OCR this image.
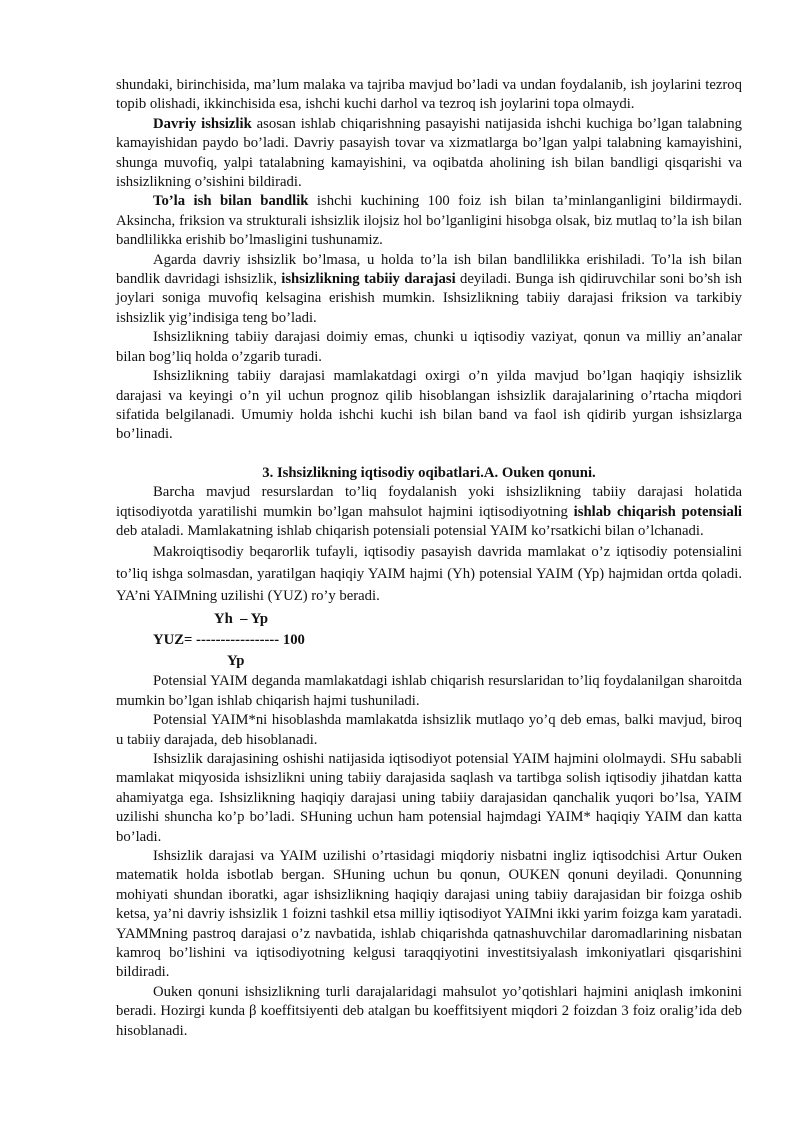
shundaki, birinchisida, ma’lum malaka va tajriba mavjud bo’ladi va undan foydalanib, ish joylarini tezroq topib olishadi, ikkinchisida esa, ishchi kuchi darhol va tezroq ish joylarini topa olmaydi.

Davriy ishsizlik asosan ishlab chiqarishning pasayishi natijasida ishchi kuchiga bo’lgan talabning kamayishidan paydo bo’ladi. Davriy pasayish tovar va xizmatlarga bo’lgan yalpi talabning kamayishini, shunga muvofiq, yalpi tatalabning kamayishini, va oqibatda aholining ish bilan bandligi qisqarishi va ishsizlikning o’sishini bildiradi.

To’la ish bilan bandlik ishchi kuchining 100 foiz ish bilan ta’minlanganligini bildirmaydi. Aksincha, friksion va strukturali ishsizlik ilojsiz hol bo’lganligini hisobga olsak, biz mutlaq to’la ish bilan bandlilikka erishib bo’lmasligini tushunamiz.

Agarda davriy ishsizlik bo’lmasa, u holda to’la ish bilan bandlilikka erishiladi. To’la ish bilan bandlik davridagi ishsizlik, ishsizlikning tabiiy darajasi deyiladi. Bunga ish qidiruvchilar soni bo’sh ish joylari soniga muvofiq kelsagina erishish mumkin. Ishsizlikning tabiiy darajasi friksion va tarkibiy ishsizlik yig’indisiga teng bo’ladi.

Ishsizlikning tabiiy darajasi doimiy emas, chunki u iqtisodiy vaziyat, qonun va milliy an’analar bilan bog’liq holda o’zgarib turadi.

Ishsizlikning tabiiy darajasi mamlakatdagi oxirgi o’n yilda mavjud bo’lgan haqiqiy ishsizlik darajasi va keyingi o’n yil uchun prognoz qilib hisoblangan ishsizlik darajalarining o’rtacha miqdori sifatida belgilanadi. Umumiy holda ishchi kuchi ish bilan band va faol ish qidirib yurgan ishsizlarga bo’linadi.

3. Ishsizlikning iqtisodiy oqibatlari.A. Ouken qonuni.

Barcha mavjud resurslardan to’liq foydalanish yoki ishsizlikning tabiiy darajasi holatida iqtisodiyotda yaratilishi mumkin bo’lgan mahsulot hajmini iqtisodiyotning ishlab chiqarish potensiali deb ataladi. Mamlakatning ishlab chiqarish potensiali potensial YAIM ko’rsatkichi bilan o’lchanadi.

Makroiqtisodiy beqarorlik tufayli, iqtisodiy pasayish davrida mamlakat o’z iqtisodiy potensialini to’liq ishga solmasdan, yaratilgan haqiqiy YAIM hajmi (Yh) potensial YAIM (Yp) hajmidan ortda qoladi. YA’ni YAIMning uzilishi (YUZ) ro’y beradi.

Yh  – Yp
YUZ= ----------------- 100
Yp

Potensial YAIM deganda mamlakatdagi ishlab chiqarish resurslaridan to’liq foydalanilgan sharoitda mumkin bo’lgan ishlab chiqarish hajmi tushuniladi.

Potensial YAIM*ni hisoblashda mamlakatda ishsizlik mutlaqo yo’q deb emas, balki mavjud, biroq u tabiiy darajada, deb hisoblanadi.

Ishsizlik darajasining oshishi natijasida iqtisodiyot potensial YAIM hajmini ololmaydi. SHu sababli mamlakat miqyosida ishsizlikni uning tabiiy darajasida saqlash va tartibga solish iqtisodiy jihatdan katta ahamiyatga ega. Ishsizlikning haqiqiy darajasi uning tabiiy darajasidan qanchalik yuqori bo’lsa, YAIM uzilishi shuncha ko’p bo’ladi. SHuning uchun ham potensial hajmdagi YAIM* haqiqiy YAIM dan katta bo’ladi.

Ishsizlik darajasi va YAIM uzilishi o’rtasidagi miqdoriy nisbatni ingliz iqtisodchisi Artur Ouken matematik holda isbotlab bergan. SHuning uchun bu qonun, OUKEN qonuni deyiladi. Qonunning mohiyati shundan iboratki, agar ishsizlikning haqiqiy darajasi uning tabiiy darajasidan bir foizga oshib ketsa, ya’ni davriy ishsizlik 1 foizni tashkil etsa milliy iqtisodiyot YAIMni ikki yarim foizga kam yaratadi. YAMMning pastroq darajasi o’z navbatida, ishlab chiqarishda qatnashuvchilar daromadlarining nisbatan kamroq bo’lishini va iqtisodiyotning kelgusi taraqqiyotini investitsiyalash imkoniyatlari qisqarishini bildiradi.

Ouken qonuni ishsizlikning turli darajalaridagi mahsulot yo’qotishlari hajmini aniqlash imkonini beradi. Hozirgi kunda β koeffitsiyenti deb atalgan bu koeffitsiyent miqdori 2 foizdan 3 foiz oralig’ida deb hisoblanadi.
